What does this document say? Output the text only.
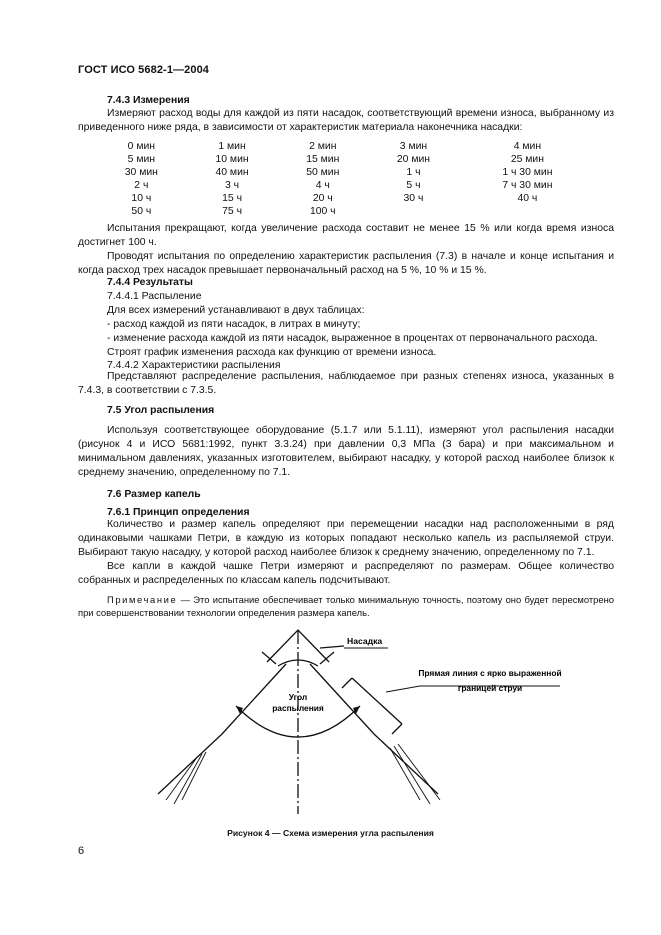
ГОСТ ИСО 5682-1—2004
7.4.3 Измерения

Измеряют расход воды для каждой из пяти насадок, соответствующий времени износа, выбранному из приведенного ниже ряда, в зависимости от характеристик материала наконечника насадки:

0 мин	1 мин	2 мин	3 мин	4 мин
5 мин	10 мин	15 мин	20 мин	25 мин
30 мин	40 мин	50 мин	1 ч	1 ч 30 мин
2 ч	3 ч	4 ч	5 ч	7 ч 30 мин
10 ч	15 ч	20 ч	30 ч	40 ч
50 ч	75 ч	100 ч		

Испытания прекращают, когда увеличение расхода составит не менее 15 % или когда время износа достигнет 100 ч.

Проводят испытания по определению характеристик распыления (7.3) в начале и конце испытания и когда расход трех насадок превышает первоначальный расход на 5 %, 10 % и 15 %.

7.4.4 Результаты
7.4.4.1 Распыление
Для всех измерений устанавливают в двух таблицах:
- расход каждой из пяти насадок, в литрах в минуту;
- изменение расхода каждой из пяти насадок, выраженное в процентах от первоначального расхода.
Строят график изменения расхода как функцию от времени износа.
7.4.4.2 Характеристики распыления

Представляют распределение распыления, наблюдаемое при разных степенях износа, указанных в 7.4.3, в соответствии с 7.3.5.

7.5 Угол распыления

Используя соответствующее оборудование (5.1.7 или 5.1.11), измеряют угол распыления насадки (рисунок 4 и ИСО 5681:1992, пункт 3.3.24) при давлении 0,3 МПа (3 бара) и при максимальном и минимальном давлениях, указанных изготовителем, выбирают насадку, у которой расход наиболее близок к среднему значению, определенному по 7.1.

7.6 Размер капель
7.6.1 Принцип определения

Количество и размер капель определяют при перемещении насадки над расположенными в ряд одинаковыми чашками Петри, в каждую из которых попадают несколько капель из распыляемой струи. Выбирают такую насадку, у которой расход наиболее близок к среднему значению, определенному по 7.1.

Все капли в каждой чашке Петри измеряют и распределяют по размерам. Общее количество собранных и распределенных по классам капель подсчитывают.

Примечание — Это испытание обеспечивает только минимальную точность, поэтому оно будет пересмотрено при совершенствовании технологии определения размера капель.

Насадка
Прямая линия с ярко выраженной
границей струи
Угол
распыления
Рисунок 4 — Схема измерения угла распыления
6
